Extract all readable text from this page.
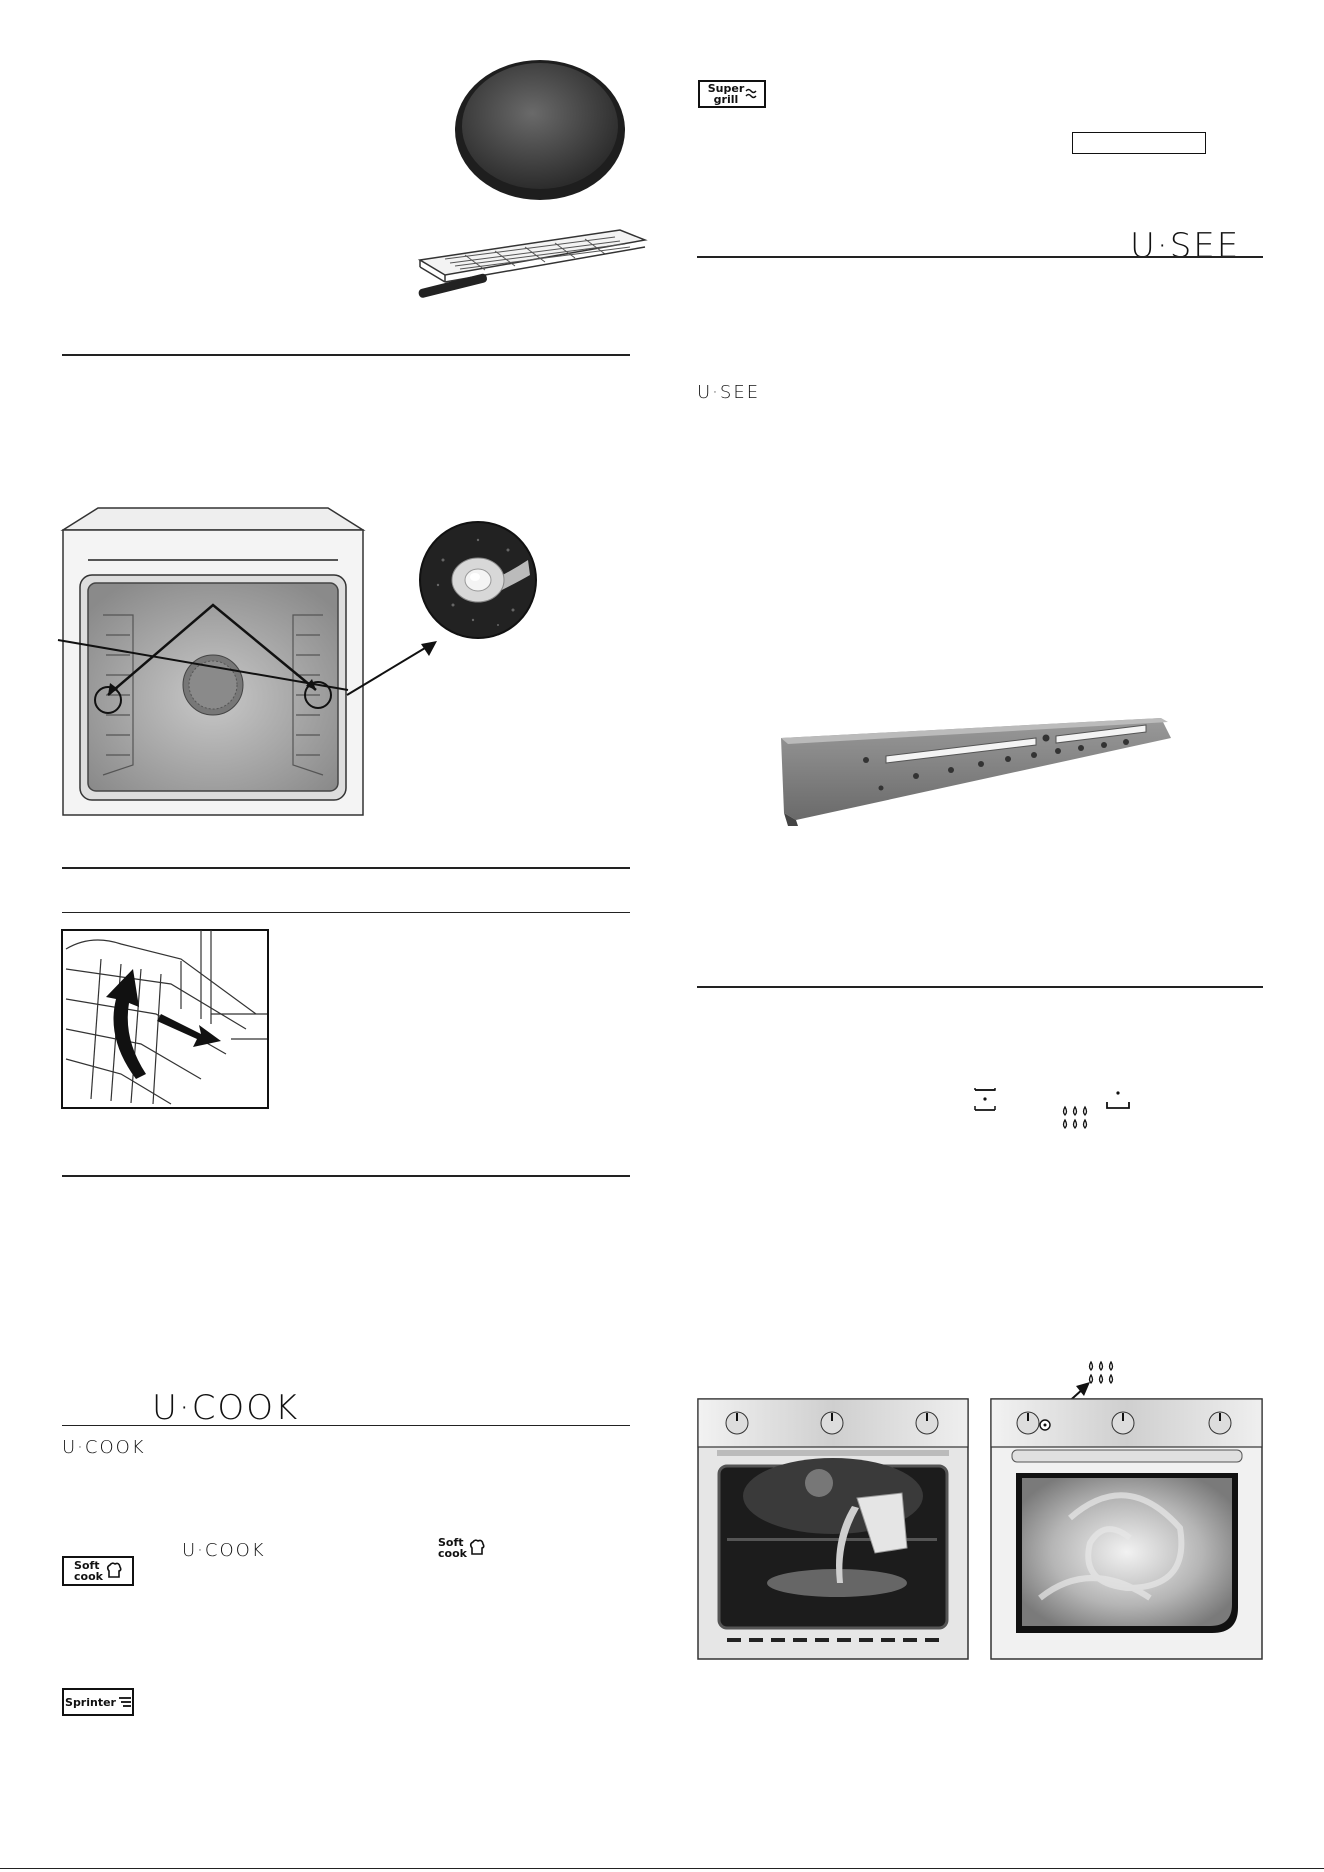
U·COOK
U·COOK
U·COOK
Soft
cook
Soft
cook
Sprinter
Super
grill
U·SEE
U·SEE
